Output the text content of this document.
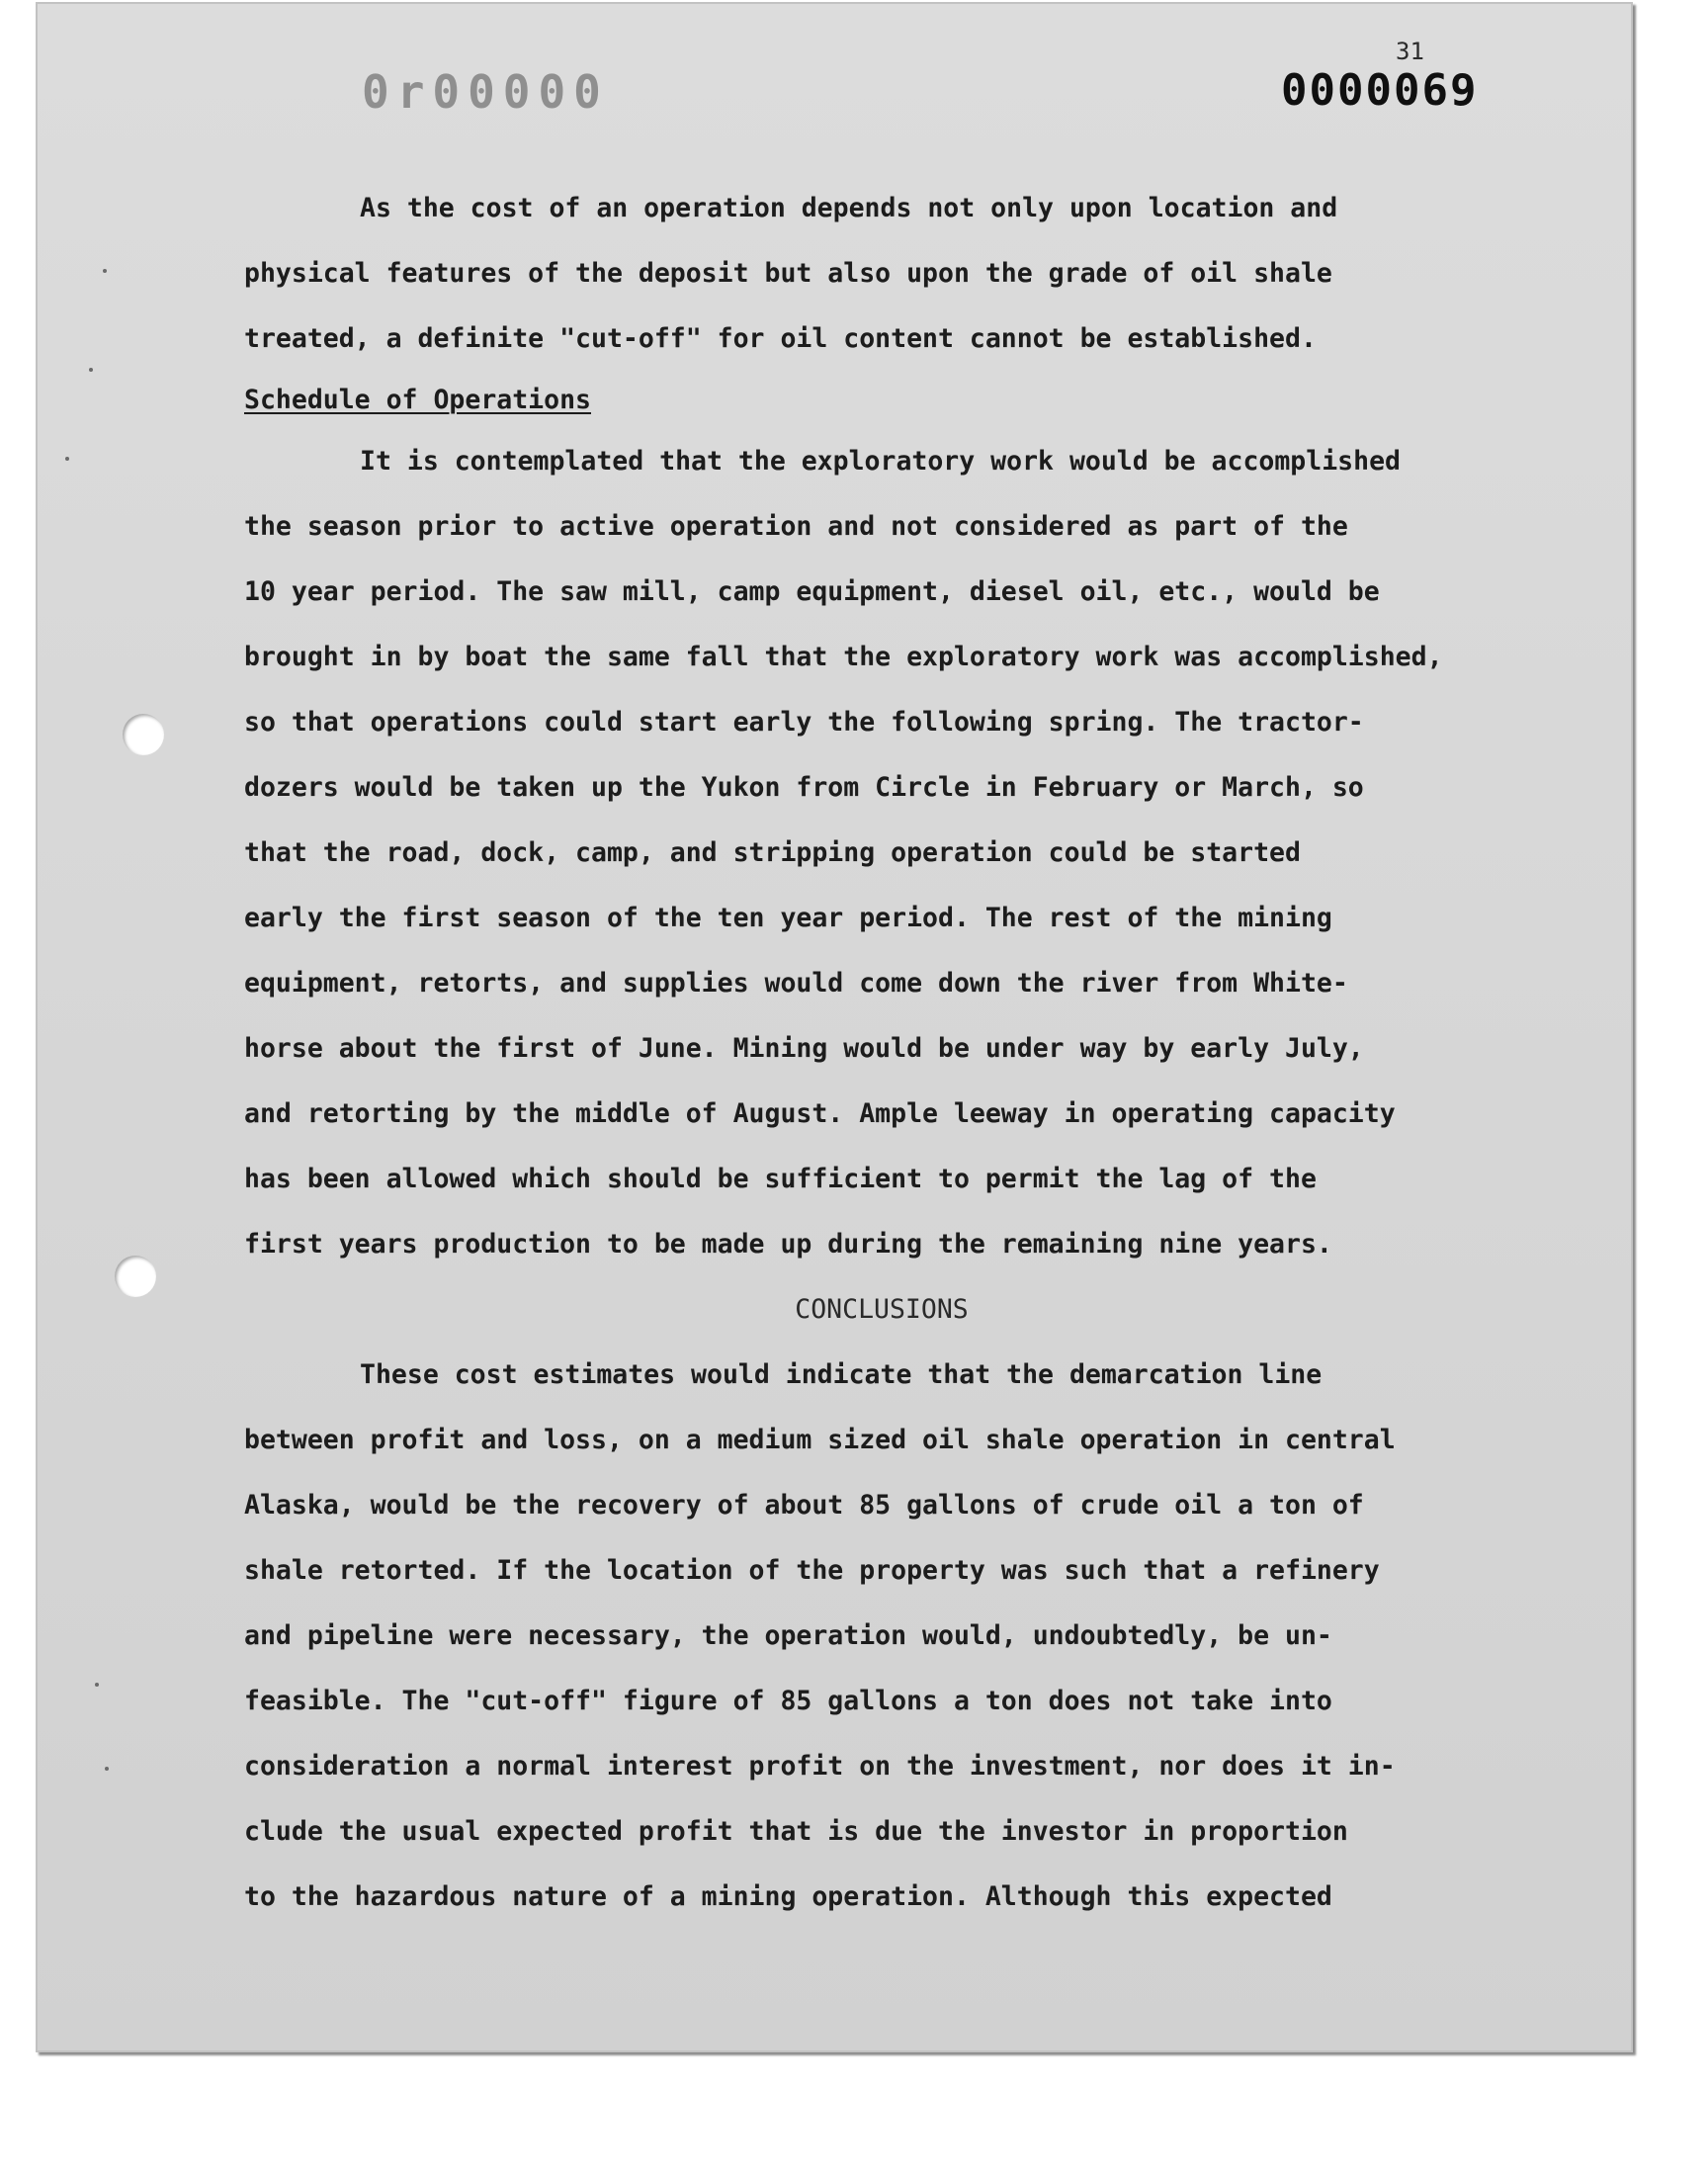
0r00000
31
0000069
As the cost of an operation depends not only upon location and
physical features of the deposit but also upon the grade of oil shale
treated, a definite "cut-off" for oil content cannot be established.
Schedule of Operations
It is contemplated that the exploratory work would be accomplished
the season prior to active operation and not considered as part of the
10 year period. The saw mill, camp equipment, diesel oil, etc., would be
brought in by boat the same fall that the exploratory work was accomplished,
so that operations could start early the following spring. The tractor-
dozers would be taken up the Yukon from Circle in February or March, so
that the road, dock, camp, and stripping operation could be started
early the first season of the ten year period. The rest of the mining
equipment, retorts, and supplies would come down the river from White-
horse about the first of June. Mining would be under way by early July,
and retorting by the middle of August. Ample leeway in operating capacity
has been allowed which should be sufficient to permit the lag of the
first years production to be made up during the remaining nine years.
CONCLUSIONS
These cost estimates would indicate that the demarcation line
between profit and loss, on a medium sized oil shale operation in central
Alaska, would be the recovery of about 85 gallons of crude oil a ton of
shale retorted. If the location of the property was such that a refinery
and pipeline were necessary, the operation would, undoubtedly, be un-
feasible. The "cut-off" figure of 85 gallons a ton does not take into
consideration a normal interest profit on the investment, nor does it in-
clude the usual expected profit that is due the investor in proportion
to the hazardous nature of a mining operation. Although this expected
